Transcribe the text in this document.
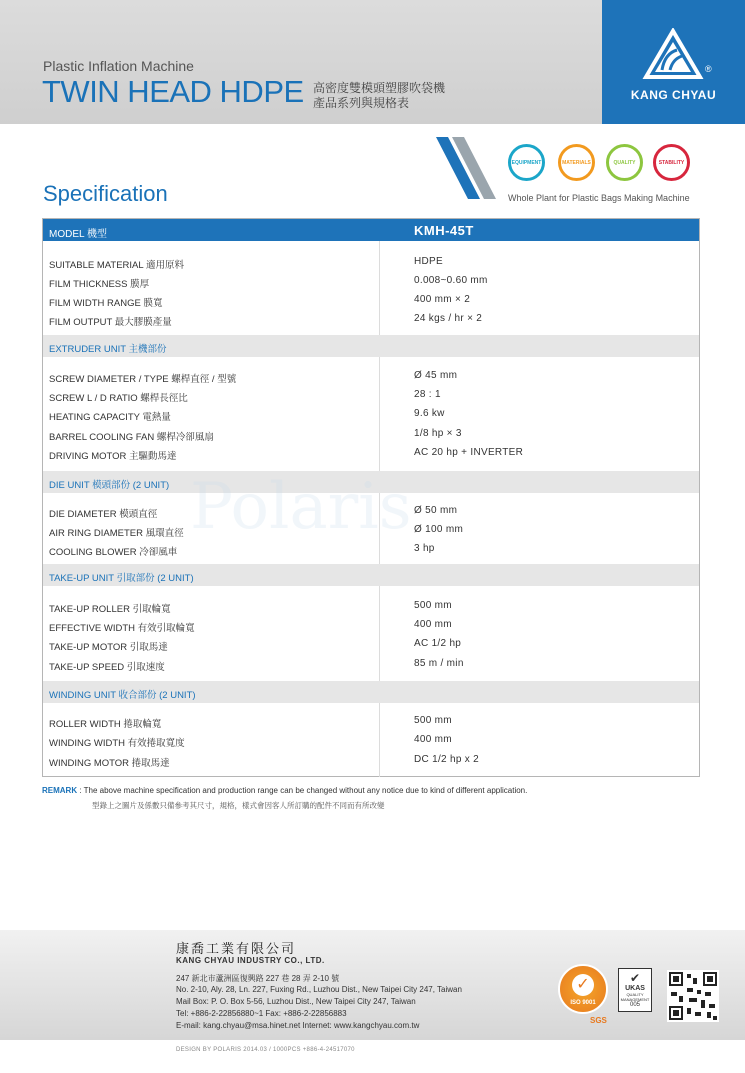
Plastic Inflation Machine
TWIN HEAD HDPE 高密度雙模頭塑膠吹袋機
產品系列與規格表
®
KANG CHYAU
Specification
EQUIPMENT	MATERIALS	QUALITY	STABILITY
Whole Plant for Plastic Bags Making Machine
MODEL 機型	KMH-45T
SUITABLE MATERIAL 適用原料	HDPE
FILM THICKNESS 膜厚	0.008~0.60 mm
FILM WIDTH RANGE 膜寬	400 mm × 2
FILM OUTPUT 最大膠膜產量	24 kgs / hr × 2
EXTRUDER UNIT 主機部份
SCREW DIAMETER / TYPE 螺桿直徑 / 型號	Ø 45 mm
SCREW L / D RATIO 螺桿長徑比	28 : 1
HEATING CAPACITY 電熱量	9.6 kw
BARREL COOLING FAN 螺桿冷卻風扇	1/8 hp × 3
DRIVING MOTOR 主驅動馬達	AC 20 hp + INVERTER
DIE UNIT 模頭部份 (2 UNIT)
DIE DIAMETER 模頭直徑	Ø 50 mm
AIR RING DIAMETER 風環直徑	Ø 100 mm
COOLING BLOWER 冷卻風車	3 hp
TAKE-UP UNIT 引取部份 (2 UNIT)
TAKE-UP ROLLER 引取輪寬	500 mm
EFFECTIVE WIDTH 有效引取輪寬	400 mm
TAKE-UP MOTOR 引取馬達	AC 1/2 hp
TAKE-UP SPEED 引取速度	85 m / min
WINDING UNIT 收合部份 (2 UNIT)
ROLLER WIDTH 捲取輪寬	500 mm
WINDING WIDTH 有效捲取寬度	400 mm
WINDING MOTOR 捲取馬達	DC 1/2 hp x 2
Polaris
REMARK : The above machine specification and production range can be changed without any notice due to kind of different application.
型錄上之圖片及係數只備參考其尺寸，規格，樣式會因客人所訂購的配件不同而有所改變
康喬工業有限公司
KANG CHYAU INDUSTRY CO., LTD.
247 新北市蘆洲區復興路 227 巷 28 弄 2-10 號
No. 2-10, Aly. 28, Ln. 227, Fuxing Rd., Luzhou Dist., New Taipei City 247, Taiwan
Mail Box: P. O. Box 5-56, Luzhou Dist., New Taipei City 247, Taiwan
Tel: +886-2-22856880~1 Fax: +886-2-22856883
E-mail: kang.chyau@msa.hinet.net Internet: www.kangchyau.com.tw
✓
ISO 9001
SGS
✔
UKAS
QUALITY MANAGEMENT
005
DESIGN BY POLARIS 2014.03 / 1000PCS +886-4-24517070
